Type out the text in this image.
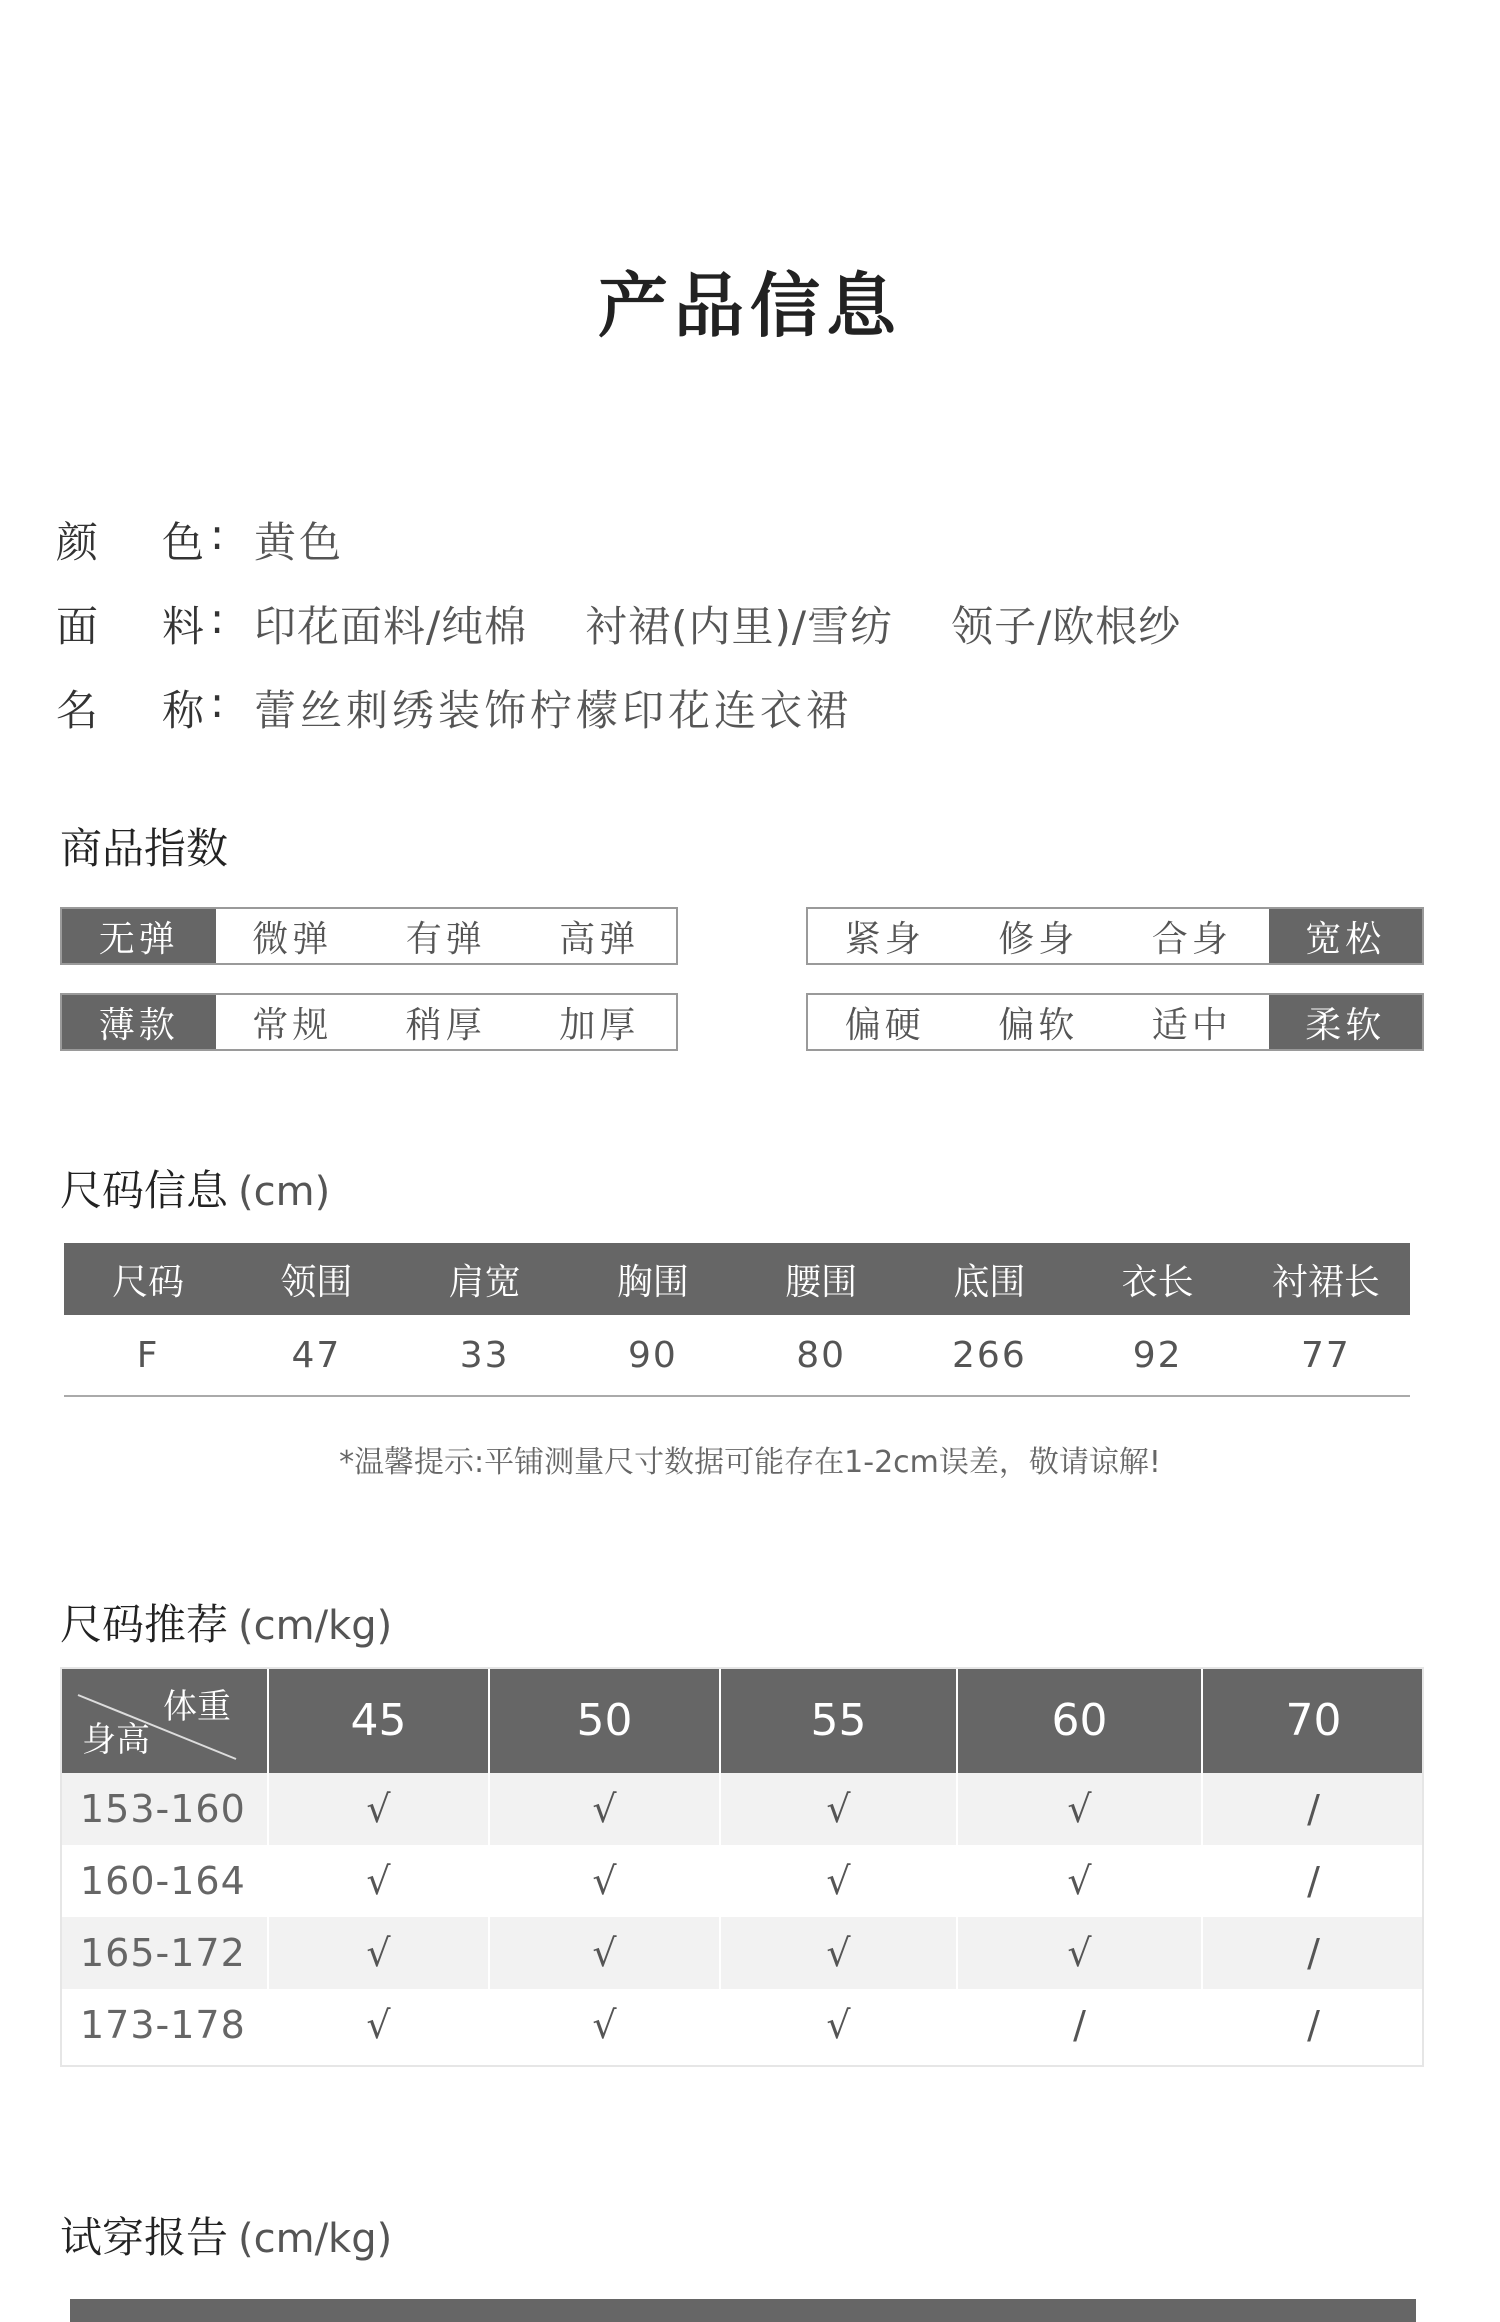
产品信息
颜 色 : 黄色
面 料 : 印花面料/纯棉 衬裙(内里)/雪纺 领子/欧根纱
名 称 : 蕾丝刺绣装饰柠檬印花连衣裙
商品指数
无弹	微弹	有弹	高弹	紧身	修身	合身	宽松
薄款	常规	稍厚	加厚	偏硬	偏软	适中	柔软
尺码信息 (cm)
尺码	领围	肩宽	胸围	腰围	底围	衣长	衬裙长
F	47	33	90	80	266	92	77
*温馨提示:平铺测量尺寸数据可能存在1-2cm误差，敬请谅解!
尺码推荐 (cm/kg)
体重
身高	45	50	55	60	70
153-160	√	√	√	√	/
160-164	√	√	√	√	/
165-172	√	√	√	√	/
173-178	√	√	√	/	/
试穿报告 (cm/kg)
